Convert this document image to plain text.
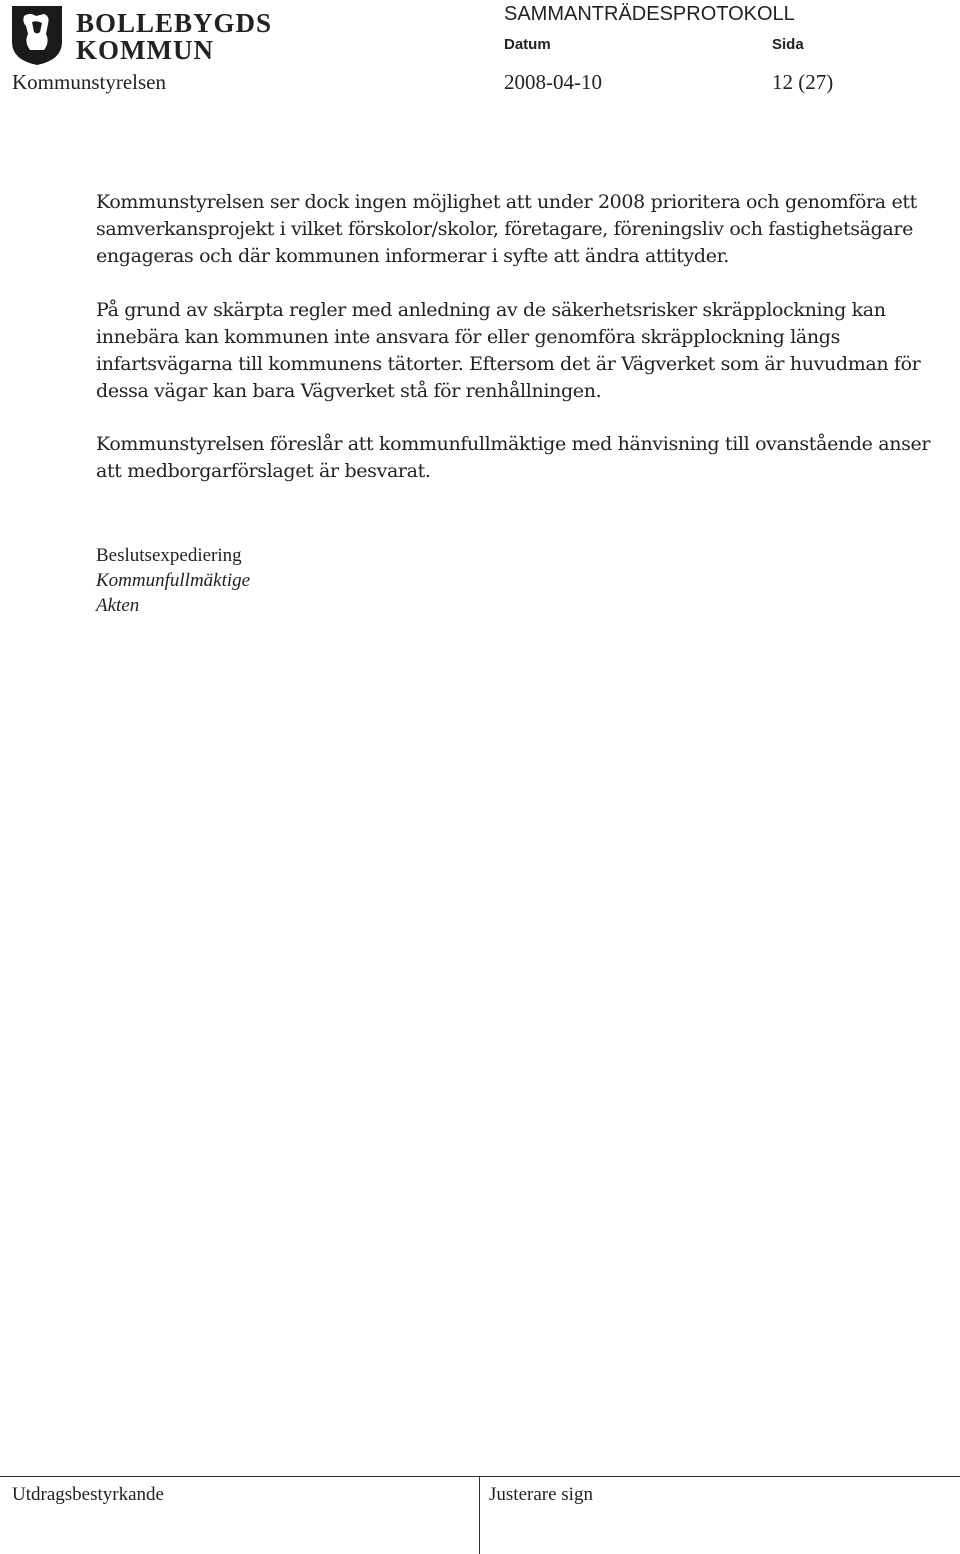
BOLLEBYGDS
KOMMUN
SAMMANTRÄDESPROTOKOLL
Datum	Sida
Kommunstyrelsen	2008-04-10	12 (27)

Kommunstyrelsen ser dock ingen möjlighet att under 2008 prioritera och genomföra ett samverkansprojekt i vilket förskolor/skolor, företagare, föreningsliv och fastighetsägare engageras och där kommunen informerar i syfte att ändra attityder.

På grund av skärpta regler med anledning av de säkerhetsrisker skräpplockning kan innebära kan kommunen inte ansvara för eller genomföra skräpplockning längs infartsvägarna till kommunens tätorter. Eftersom det är Vägverket som är huvudman för dessa vägar kan bara Vägverket stå för renhållningen.

Kommunstyrelsen föreslår att kommunfullmäktige med hänvisning till ovanstående anser att medborgarförslaget är besvarat.

Beslutsexpediering
Kommunfullmäktige
Akten
Utdragsbestyrkande	Justerare sign
